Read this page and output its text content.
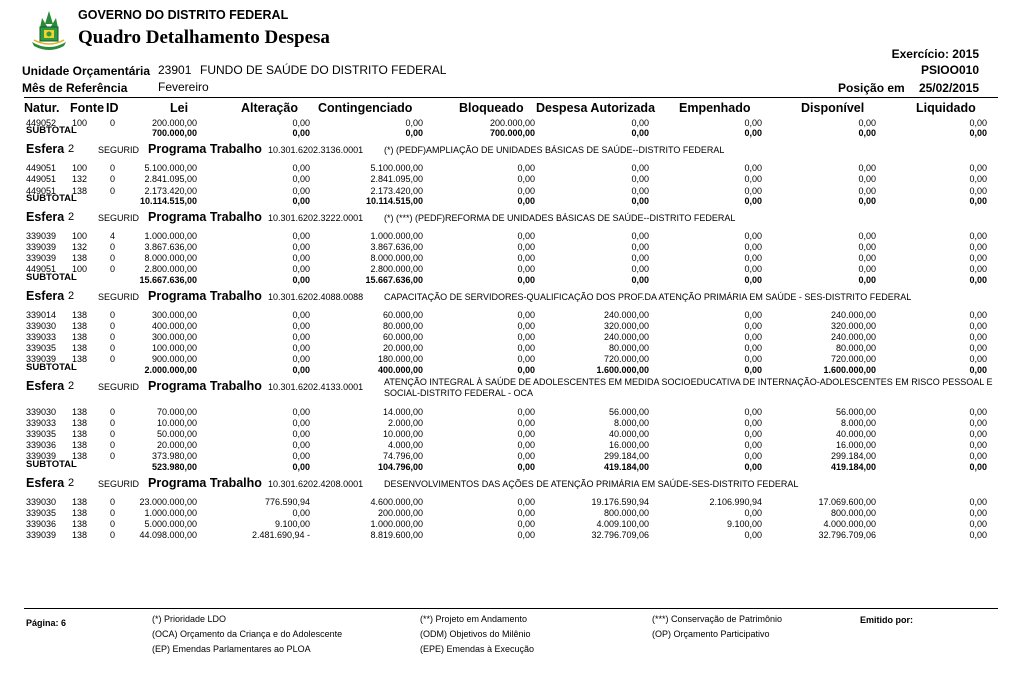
GOVERNO DO DISTRITO FEDERAL
Quadro Detalhamento Despesa
Exercício: 2015
PSIOO010
Unidade Orçamentária 23901 FUNDO DE SAÚDE DO DISTRITO FEDERAL
Mês de Referência	Fevereiro	Posição em 25/02/2015
Natur. Fonte ID	Lei	Alteração Contingenciado	Bloqueado Despesa Autorizada Empenhado	Disponível	Liquidado
449052 100	0	200.000,00	0,00	0,00	200.000,00	0,00	0,00	0,00	0,00
SUBTOTAL	700.000,00	0,00	0,00	700.000,00	0,00	0,00	0,00	0,00
Esfera 2	SEGURID Programa Trabalho 10.301.6202.3136.0001 (*) (PEDF)AMPLIAÇÃO DE UNIDADES BÁSICAS DE SAÚDE--DISTRITO FEDERAL
449051 100	0	5.100.000,00	0,00	5.100.000,00	0,00	0,00	0,00	0,00	0,00
449051 132	0	2.841.095,00	0,00	2.841.095,00	0,00	0,00	0,00	0,00	0,00
449051 138	0	2.173.420,00	0,00	2.173.420,00	0,00	0,00	0,00	0,00	0,00
SUBTOTAL	10.114.515,00	0,00	10.114.515,00	0,00	0,00	0,00	0,00	0,00
Esfera 2	SEGURID Programa Trabalho 10.301.6202.3222.0001 (*) (***) (PEDF)REFORMA DE UNIDADES BÁSICAS DE SAÚDE--DISTRITO FEDERAL
339039 100	4	1.000.000,00	0,00	1.000.000,00	0,00	0,00	0,00	0,00	0,00
339039 132	0	3.867.636,00	0,00	3.867.636,00	0,00	0,00	0,00	0,00	0,00
339039 138	0	8.000.000,00	0,00	8.000.000,00	0,00	0,00	0,00	0,00	0,00
449051 100	0	2.800.000,00	0,00	2.800.000,00	0,00	0,00	0,00	0,00	0,00
SUBTOTAL	15.667.636,00	0,00	15.667.636,00	0,00	0,00	0,00	0,00	0,00
Esfera 2	SEGURID Programa Trabalho 10.301.6202.4088.0088 CAPACITAÇÃO DE SERVIDORES-QUALIFICAÇÃO DOS PROF.DA ATENÇÃO PRIMÁRIA EM SAÚDE - SES-DISTRITO FEDERAL
339014 138	0	300.000,00	0,00	60.000,00	0,00	240.000,00	0,00	240.000,00	0,00
339030 138	0	400.000,00	0,00	80.000,00	0,00	320.000,00	0,00	320.000,00	0,00
339033 138	0	300.000,00	0,00	60.000,00	0,00	240.000,00	0,00	240.000,00	0,00
339035 138	0	100.000,00	0,00	20.000,00	0,00	80.000,00	0,00	80.000,00	0,00
339039 138	0	900.000,00	0,00	180.000,00	0,00	720.000,00	0,00	720.000,00	0,00
SUBTOTAL	2.000.000,00	0,00	400.000,00	0,00	1.600.000,00	0,00	1.600.000,00	0,00
Esfera 2	SEGURID Programa Trabalho 10.301.6202.4133.0001 ATENÇÃO INTEGRAL À SAÚDE DE ADOLESCENTES EM MEDIDA SOCIOEDUCATIVA DE INTERNAÇÃO-ADOLESCENTES EM RISCO PESSOAL E SOCIAL-DISTRITO FEDERAL - OCA
339030 138	0	70.000,00	0,00	14.000,00	0,00	56.000,00	0,00	56.000,00	0,00
339033 138	0	10.000,00	0,00	2.000,00	0,00	8.000,00	0,00	8.000,00	0,00
339035 138	0	50.000,00	0,00	10.000,00	0,00	40.000,00	0,00	40.000,00	0,00
339036 138	0	20.000,00	0,00	4.000,00	0,00	16.000,00	0,00	16.000,00	0,00
339039 138	0	373.980,00	0,00	74.796,00	0,00	299.184,00	0,00	299.184,00	0,00
SUBTOTAL	523.980,00	0,00	104.796,00	0,00	419.184,00	0,00	419.184,00	0,00
Esfera 2	SEGURID Programa Trabalho 10.301.6202.4208.0001 DESENVOLVIMENTOS DAS AÇÕES DE ATENÇÃO PRIMÁRIA EM SAÚDE-SES-DISTRITO FEDERAL
339030 138	0	23.000.000,00	776.590,94	4.600.000,00	0,00	19.176.590,94	2.106.990,94	17.069.600,00	0,00
339035 138	0	1.000.000,00	0,00	200.000,00	0,00	800.000,00	0,00	800.000,00	0,00
339036 138	0	5.000.000,00	9.100,00	1.000.000,00	0,00	4.009.100,00	9.100,00	4.000.000,00	0,00
339039 138	0	44.098.000,00	2.481.690,94 -	8.819.600,00	0,00	32.796.709,06	0,00	32.796.709,06	0,00
Página: 6	(*) Prioridade LDO	(**) Projeto em Andamento	(***) Conservação de Patrimônio	Emitido por:
(OCA) Orçamento da Criança e do Adolescente	(ODM) Objetivos do Milênio	(OP) Orçamento Participativo
(EP) Emendas Parlamentares ao PLOA	(EPE) Emendas à Execução
